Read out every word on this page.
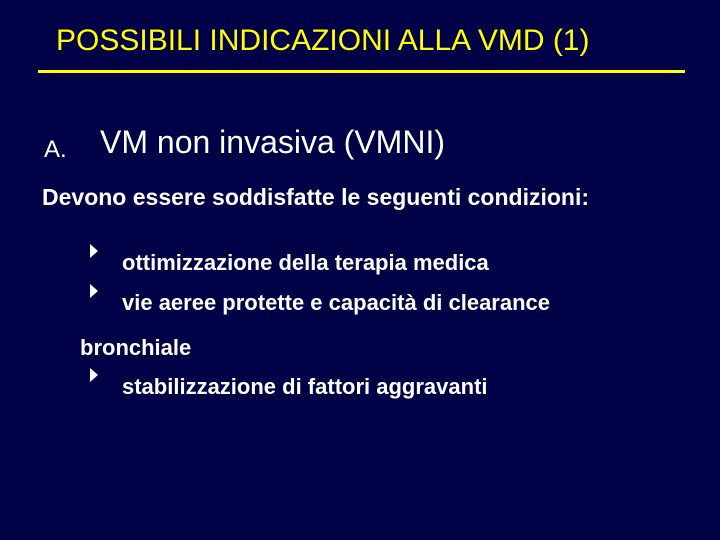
POSSIBILI INDICAZIONI ALLA VMD (1)
A. VM non invasiva (VMNI)
Devono essere soddisfatte le seguenti condizioni:
ottimizzazione della terapia medica
vie aeree protette e capacità di clearance
bronchiale
stabilizzazione di fattori aggravanti
